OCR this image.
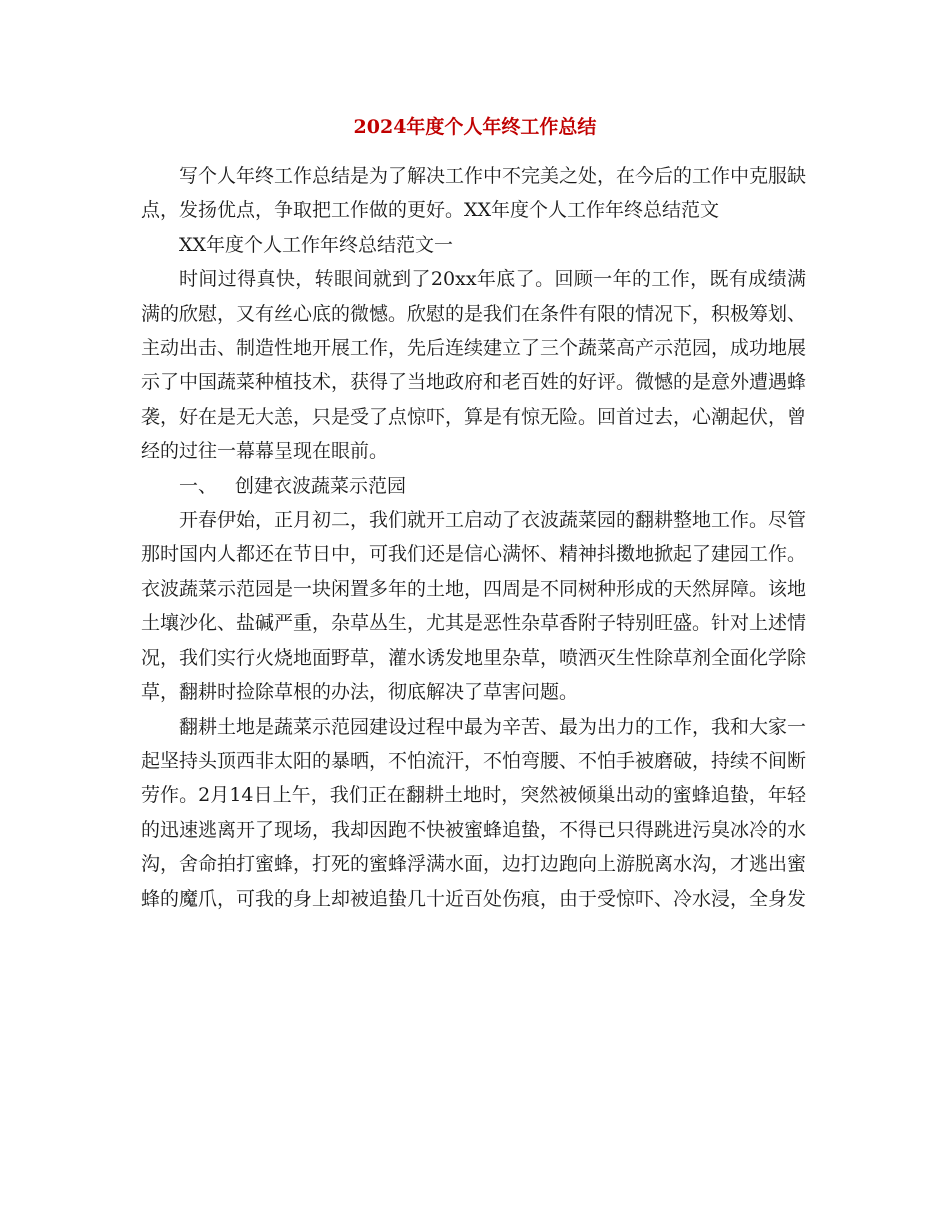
2024年度个人年终工作总结

写个人年终工作总结是为了解决工作中不完美之处，在今后的工作中克服缺点，发扬优点，争取把工作做的更好。XX年度个人工作年终总结范文

XX年度个人工作年终总结范文一

时间过得真快，转眼间就到了20xx年底了。回顾一年的工作，既有成绩满满的欣慰，又有丝心底的微憾。欣慰的是我们在条件有限的情况下，积极筹划、主动出击、制造性地开展工作，先后连续建立了三个蔬菜高产示范园，成功地展示了中国蔬菜种植技术，获得了当地政府和老百姓的好评。微憾的是意外遭遇蜂袭，好在是无大恙，只是受了点惊吓，算是有惊无险。回首过去，心潮起伏，曾经的过往一幕幕呈现在眼前。

一、 创建衣波蔬菜示范园

开春伊始，正月初二，我们就开工启动了衣波蔬菜园的翻耕整地工作。尽管那时国内人都还在节日中，可我们还是信心满怀、精神抖擞地掀起了建园工作。衣波蔬菜示范园是一块闲置多年的土地，四周是不同树种形成的天然屏障。该地土壤沙化、盐碱严重，杂草丛生，尤其是恶性杂草香附子特别旺盛。针对上述情况，我们实行火烧地面野草，灌水诱发地里杂草，喷洒灭生性除草剂全面化学除草，翻耕时捡除草根的办法，彻底解决了草害问题。

翻耕土地是蔬菜示范园建设过程中最为辛苦、最为出力的工作，我和大家一起坚持头顶西非太阳的暴晒，不怕流汗，不怕弯腰、不怕手被磨破，持续不间断劳作。2月14日上午，我们正在翻耕土地时，突然被倾巢出动的蜜蜂追蛰，年轻的迅速逃离开了现场，我却因跑不快被蜜蜂追蛰，不得已只得跳进污臭冰冷的水沟，舍命拍打蜜蜂，打死的蜜蜂浮满水面，边打边跑向上游脱离水沟，才逃出蜜蜂的魔爪，可我的身上却被追蛰几十近百处伤痕，由于受惊吓、冷水浸，全身发
